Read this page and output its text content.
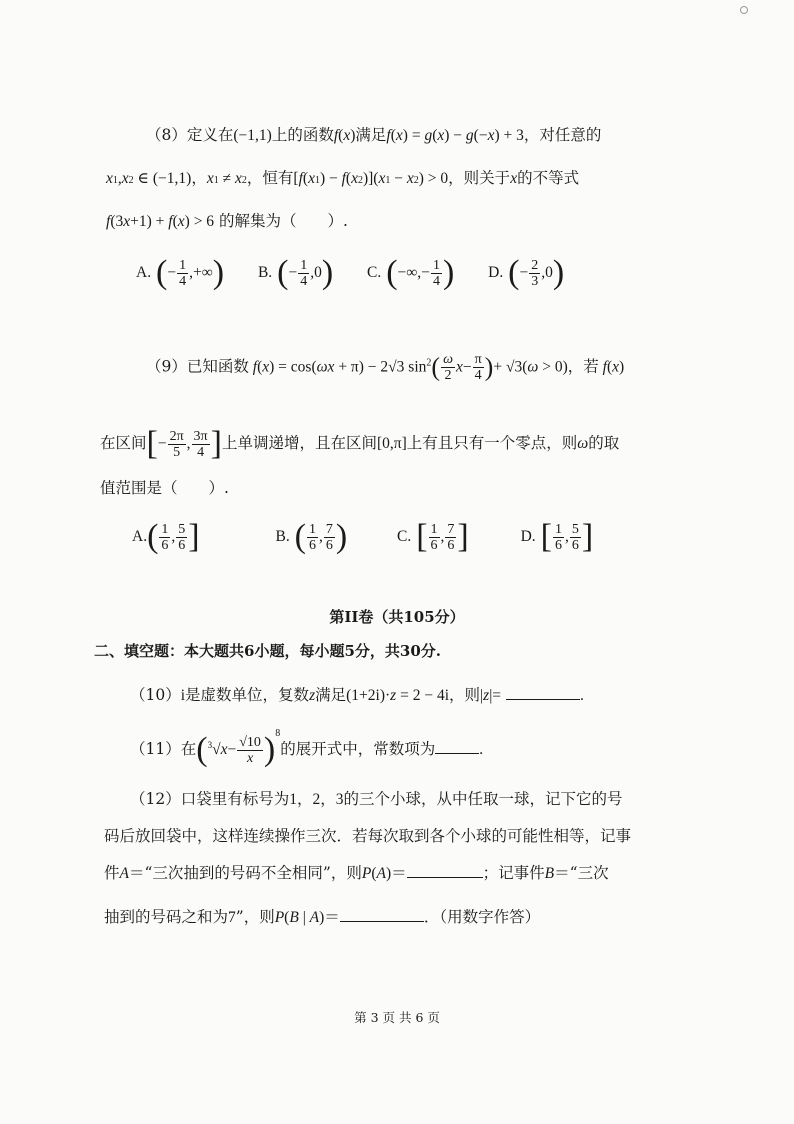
（8）定义在(−1,1)上的函数f(x)满足f(x) = g(x) − g(−x) + 3，对任意的
x1,x2 ∈ (−1,1)，x1 ≠ x2，恒有[f(x1) − f(x2)](x1 − x2) > 0，则关于x的不等式
f(3x+1) + f(x) > 6 的解集为（　　）.
A. (− $\frac{1}{4}$ ,+∞) B. (− $\frac{1}{4} ,0$) C. (−∞,− $\frac{1}{4}$ ) D. (− $\frac{2}{3} ,0$)
（9）已知函数 f(x) = cos(ωx + π) − 2√3 $\sin^2( \frac{\omega}{2} x- \frac{\pi}{4}$ )+ √3(ω > 0)，若 f(x)
在区间[− $\frac{2\pi}{5}$ , $\frac{3\pi}{4}$ ]上单调递增，且在区间[0,π]上有且只有一个零点，则ω的取
值范围是（　　）.
$A.( \frac{1}{6}$ , $\frac{5}{6}$ ]	B. ( $\frac{1}{6}$ , $\frac{7}{6}$ )	C. [ $\frac{1}{6}$ , $\frac{7}{6}$ ]	D. [ $\frac{1}{6}$ , $\frac{5}{6}$ ]
第II卷（共105分）
二、填空题：本大题共6小题，每小题5分，共30分.
（10）i是虚数单位，复数z满足(1+2i)·z = 2 − 4i，则|z|=	.
（11）在$(^3√x- \frac{√10}{x} )^8$的展开式中，常数项为	.
（12）口袋里有标号为1，2，3的三个小球，从中任取一球，记下它的号
码后放回袋中，这样连续操作三次．若每次取到各个小球的可能性相等，记事
件A＝“三次抽到的号码不全相同”，则P(A)＝	；记事件B＝“三次
抽到的号码之和为7”，则P(B | A)＝	．（用数字作答）
第 3 页 共 6 页
